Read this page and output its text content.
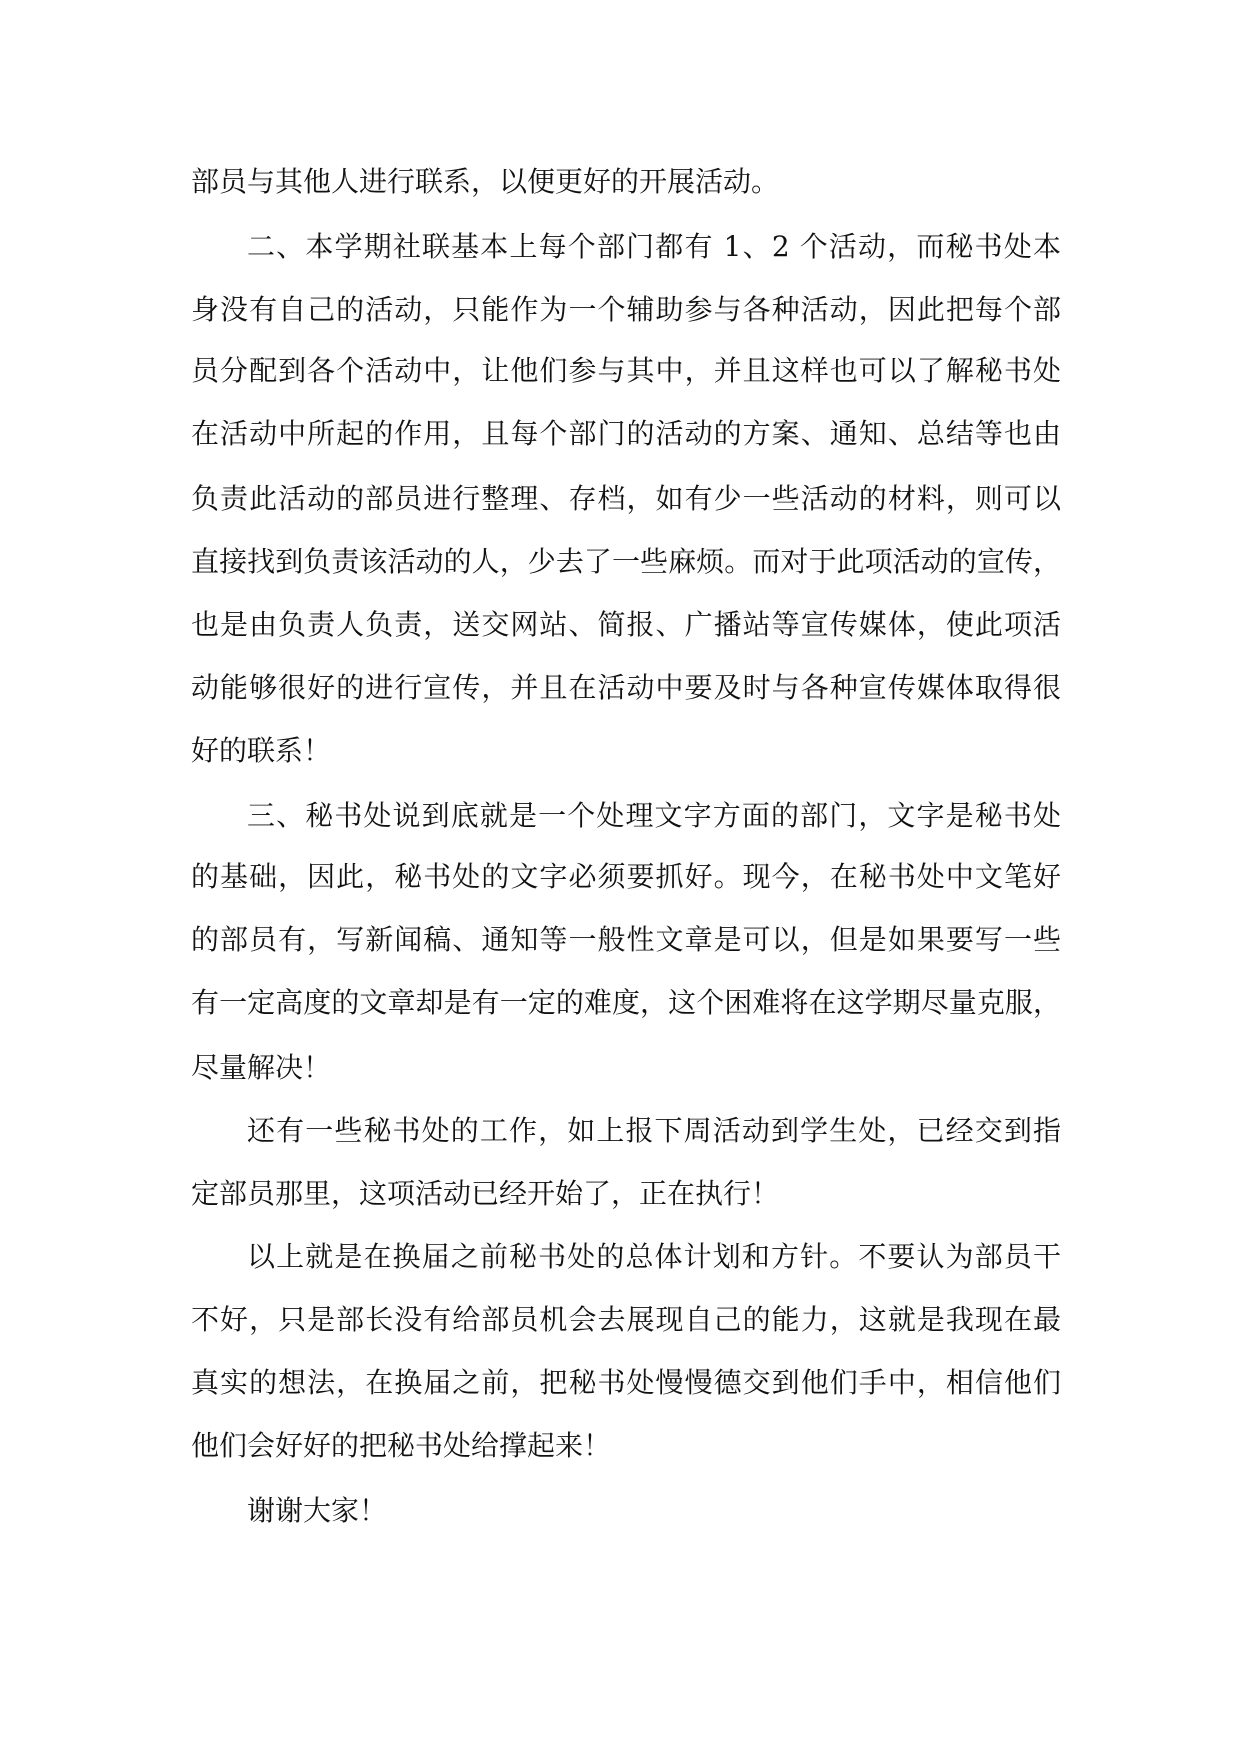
部员与其他人进行联系，以便更好的开展活动。
二、本学期社联基本上每个部门都有 1、2 个活动，而秘书处本
身没有自己的活动，只能作为一个辅助参与各种活动，因此把每个部
员分配到各个活动中，让他们参与其中，并且这样也可以了解秘书处
在活动中所起的作用，且每个部门的活动的方案、通知、总结等也由
负责此活动的部员进行整理、存档，如有少一些活动的材料，则可以
直接找到负责该活动的人，少去了一些麻烦。而对于此项活动的宣传，
也是由负责人负责，送交网站、简报、广播站等宣传媒体，使此项活
动能够很好的进行宣传，并且在活动中要及时与各种宣传媒体取得很
好的联系！
三、秘书处说到底就是一个处理文字方面的部门，文字是秘书处
的基础，因此，秘书处的文字必须要抓好。现今，在秘书处中文笔好
的部员有，写新闻稿、通知等一般性文章是可以，但是如果要写一些
有一定高度的文章却是有一定的难度，这个困难将在这学期尽量克服，
尽量解决！
还有一些秘书处的工作，如上报下周活动到学生处，已经交到指
定部员那里，这项活动已经开始了，正在执行！
以上就是在换届之前秘书处的总体计划和方针。不要认为部员干
不好，只是部长没有给部员机会去展现自己的能力，这就是我现在最
真实的想法，在换届之前，把秘书处慢慢德交到他们手中，相信他们
他们会好好的把秘书处给撑起来！
谢谢大家！
